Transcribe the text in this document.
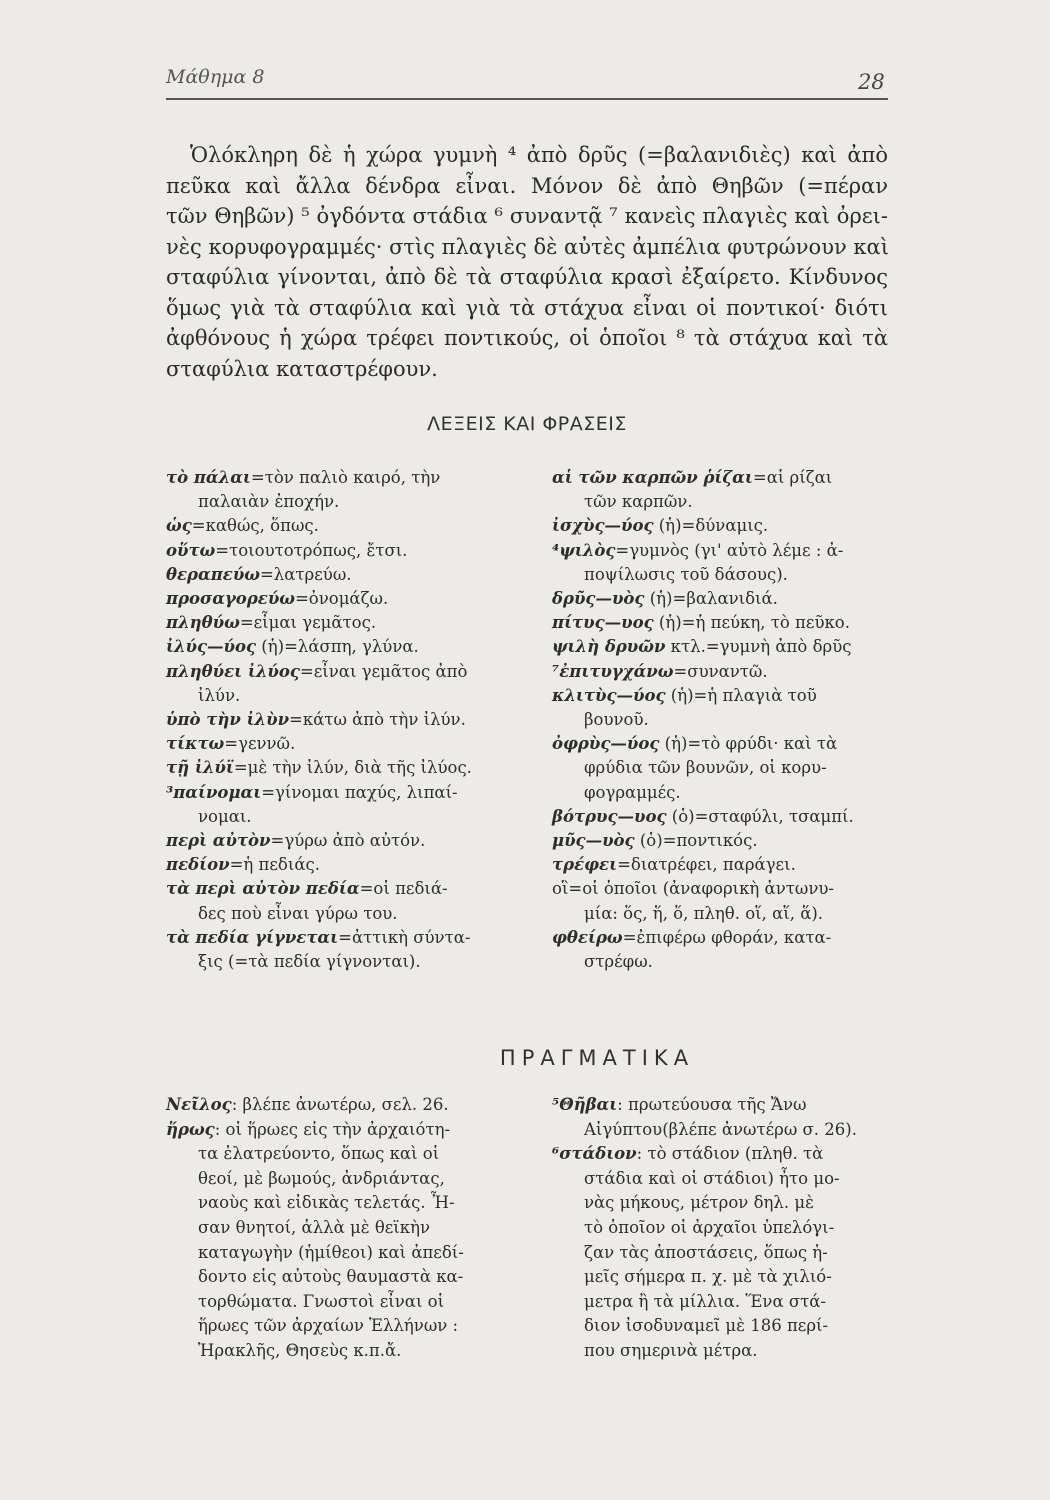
Μάθημα 8	28
Ὁλόκληρη δὲ ἡ χώρα γυμνὴ ⁴ ἀπὸ δρῦς (=βαλανιδιὲς) καὶ ἀπὸ
πεῦκα καὶ ἄλλα δένδρα εἶναι. Μόνον δὲ ἀπὸ Θηβῶν (=πέραν
τῶν Θηβῶν) ⁵ ὀγδόντα στάδια ⁶ συναντᾷ ⁷ κανεὶς πλαγιὲς καὶ ὀρει-
νὲς κορυφογραμμές· στὶς πλαγιὲς δὲ αὐτὲς ἀμπέλια φυτρώνουν καὶ
σταφύλια γίνονται, ἀπὸ δὲ τὰ σταφύλια κρασὶ ἐξαίρετο. Κίνδυνος
ὅμως γιὰ τὰ σταφύλια καὶ γιὰ τὰ στάχυα εἶναι οἱ ποντικοί· διότι
ἀφθόνους ἡ χώρα τρέφει ποντικούς, οἱ ὁποῖοι ⁸ τὰ στάχυα καὶ τὰ
σταφύλια καταστρέφουν.
ΛΕΞΕΙΣ ΚΑΙ ΦΡΑΣΕΙΣ
τὸ πάλαι=τὸν παλιὸ καιρό, τὴν
παλαιὰν ἐποχήν.
ὡς=καθώς, ὅπως.
οὕτω=τοιουτοτρόπως, ἔτσι.
θεραπεύω=λατρεύω.
προσαγορεύω=ὀνομάζω.
πληθύω=εἶμαι γεμᾶτος.
ἰλύς—ύος (ἡ)=λάσπη, γλύνα.
πληθύει ἰλύος=εἶναι γεμᾶτος ἀπὸ
ἰλύν.
ὑπὸ τὴν ἰλὺν=κάτω ἀπὸ τὴν ἰλύν.
τίκτω=γεννῶ.
τῇ ἰλύϊ=μὲ τὴν ἰλύν, διὰ τῆς ἰλύος.
³παίνομαι=γίνομαι παχύς, λιπαί-
νομαι.
περὶ αὐτὸν=γύρω ἀπὸ αὐτόν.
πεδίον=ἡ πεδιάς.
τὰ περὶ αὐτὸν πεδία=οἱ πεδιά-
δες ποὺ εἶναι γύρω του.
τὰ πεδία γίγνεται=ἀττικὴ σύντα-
ξις (=τὰ πεδία γίγνονται).
αἱ τῶν καρπῶν ῥίζαι=αἱ ρίζαι
τῶν καρπῶν.
ἰσχὺς—ύος (ἡ)=δύναμις.
⁴ψιλὸς=γυμνὸς (γι' αὐτὸ λέμε : ἀ-
ποψίλωσις τοῦ δάσους).
δρῦς—υὸς (ἡ)=βαλανιδιά.
πίτυς—υος (ἡ)=ἡ πεύκη, τὸ πεῦκο.
ψιλὴ δρυῶν κτλ.=γυμνὴ ἀπὸ δρῦς
⁷ἐπιτυγχάνω=συναντῶ.
κλιτὺς—ύος (ἡ)=ἡ πλαγιὰ τοῦ
βουνοῦ.
ὀφρὺς—ύος (ἡ)=τὸ φρύδι· καὶ τὰ
φρύδια τῶν βουνῶν, οἱ κορυ-
φογραμμές.
βότρυς—υος (ὁ)=σταφύλι, τσαμπί.
μῦς—υὸς (ὁ)=ποντικός.
τρέφει=διατρέφει, παράγει.
οἳ=οἱ ὁποῖοι (ἀναφορικὴ ἀντωνυ-
μία: ὅς, ἥ, ὅ, πληθ. οἵ, αἵ, ἅ).
φθείρω=ἐπιφέρω φθοράν, κατα-
στρέφω.
ΠΡΑΓΜΑΤΙΚΑ
Νεῖλος: βλέπε ἀνωτέρω, σελ. 26.
ἥρως: οἱ ἥρωες εἰς τὴν ἀρχαιότη-
τα ἐλατρεύοντο, ὅπως καὶ οἱ
θεοί, μὲ βωμούς, ἀνδριάντας,
ναοὺς καὶ εἰδικὰς τελετάς. Ἦ-
σαν θνητοί, ἀλλὰ μὲ θεϊκὴν
καταγωγὴν (ἡμίθεοι) καὶ ἀπεδί-
δοντο εἰς αὐτοὺς θαυμαστὰ κα-
τορθώματα. Γνωστοὶ εἶναι οἱ
ἥρωες τῶν ἀρχαίων Ἑλλήνων :
Ἡρακλῆς, Θησεὺς κ.π.ἄ.
⁵Θῆβαι: πρωτεύουσα τῆς Ἄνω
Αἰγύπτου(βλέπε ἀνωτέρω σ. 26).
⁶στάδιον: τὸ στάδιον (πληθ. τὰ
στάδια καὶ οἱ στάδιοι) ἦτο μο-
νὰς μήκους, μέτρον δηλ. μὲ
τὸ ὁποῖον οἱ ἀρχαῖοι ὑπελόγι-
ζαν τὰς ἀποστάσεις, ὅπως ἡ-
μεῖς σήμερα π. χ. μὲ τὰ χιλιό-
μετρα ἢ τὰ μίλλια. Ἕνα στά-
διον ἰσοδυναμεῖ μὲ 186 περί-
που σημερινὰ μέτρα.
